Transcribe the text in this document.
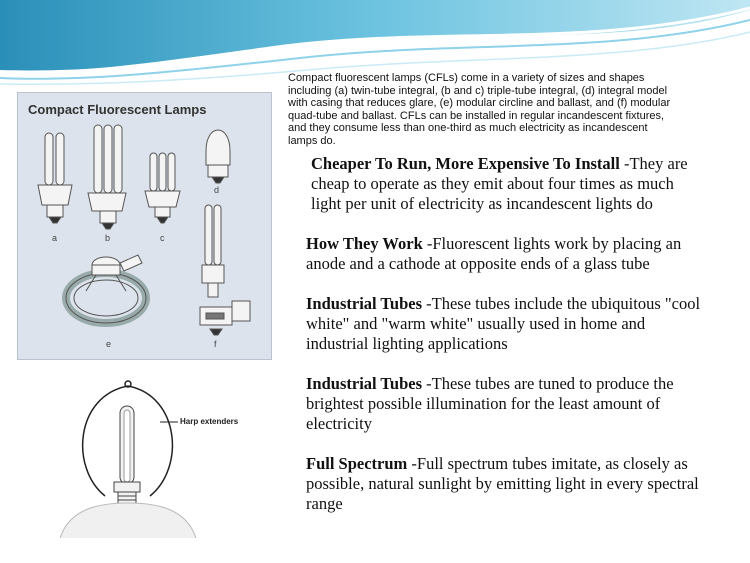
Compact fluorescent lamps (CFLs) come in a variety of sizes and shapes including (a) twin-tube integral, (b and c) triple-tube integral, (d) integral model with casing that reduces glare, (e) modular circline and ballast, and (f) modular quad-tube and ballast. CFLs can be installed in regular incandescent fixtures, and they consume less than one-third as much electricity as incandescent lamps do.
Compact Fluorescent Lamps
a	b	c
d
e	f
Harp extenders
Cheaper To Run, More Expensive To Install -They are cheap to operate as they emit about four times as much light per unit of electricity as incandescent lights do
How They Work -Fluorescent lights work by placing an anode and a cathode at opposite ends of a glass tube
Industrial Tubes -These tubes include the ubiquitous "cool white" and "warm white" usually used in home and industrial lighting applications
Industrial Tubes -These tubes are tuned to produce the brightest possible illumination for the least amount of electricity
Full Spectrum -Full spectrum tubes imitate, as closely as possible, natural sunlight by emitting light in every spectral range
